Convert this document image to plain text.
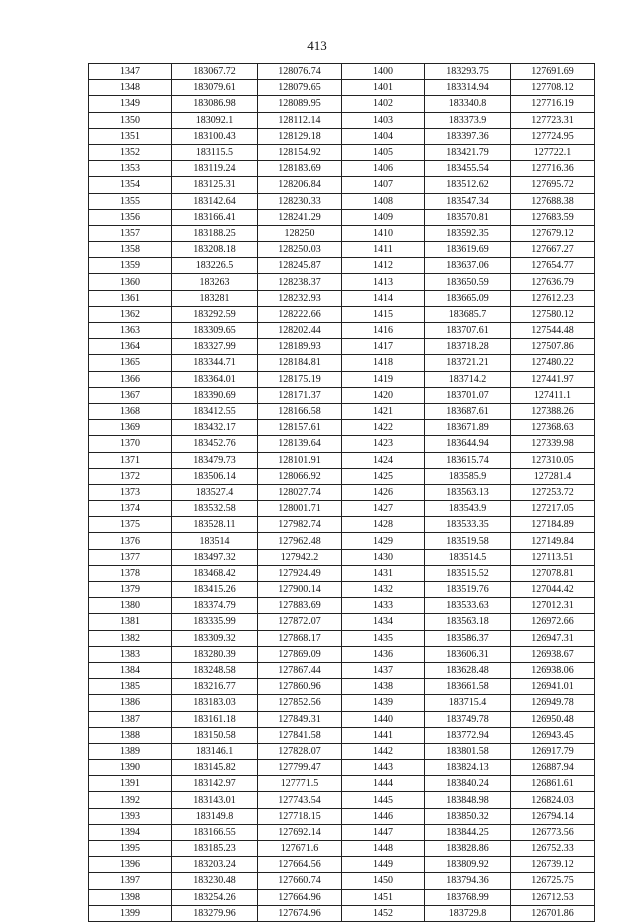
413
1347	183067.72	128076.74	1400	183293.75	127691.69
1348	183079.61	128079.65	1401	183314.94	127708.12
1349	183086.98	128089.95	1402	183340.8	127716.19
1350	183092.1	128112.14	1403	183373.9	127723.31
1351	183100.43	128129.18	1404	183397.36	127724.95
1352	183115.5	128154.92	1405	183421.79	127722.1
1353	183119.24	128183.69	1406	183455.54	127716.36
1354	183125.31	128206.84	1407	183512.62	127695.72
1355	183142.64	128230.33	1408	183547.34	127688.38
1356	183166.41	128241.29	1409	183570.81	127683.59
1357	183188.25	128250	1410	183592.35	127679.12
1358	183208.18	128250.03	1411	183619.69	127667.27
1359	183226.5	128245.87	1412	183637.06	127654.77
1360	183263	128238.37	1413	183650.59	127636.79
1361	183281	128232.93	1414	183665.09	127612.23
1362	183292.59	128222.66	1415	183685.7	127580.12
1363	183309.65	128202.44	1416	183707.61	127544.48
1364	183327.99	128189.93	1417	183718.28	127507.86
1365	183344.71	128184.81	1418	183721.21	127480.22
1366	183364.01	128175.19	1419	183714.2	127441.97
1367	183390.69	128171.37	1420	183701.07	127411.1
1368	183412.55	128166.58	1421	183687.61	127388.26
1369	183432.17	128157.61	1422	183671.89	127368.63
1370	183452.76	128139.64	1423	183644.94	127339.98
1371	183479.73	128101.91	1424	183615.74	127310.05
1372	183506.14	128066.92	1425	183585.9	127281.4
1373	183527.4	128027.74	1426	183563.13	127253.72
1374	183532.58	128001.71	1427	183543.9	127217.05
1375	183528.11	127982.74	1428	183533.35	127184.89
1376	183514	127962.48	1429	183519.58	127149.84
1377	183497.32	127942.2	1430	183514.5	127113.51
1378	183468.42	127924.49	1431	183515.52	127078.81
1379	183415.26	127900.14	1432	183519.76	127044.42
1380	183374.79	127883.69	1433	183533.63	127012.31
1381	183335.99	127872.07	1434	183563.18	126972.66
1382	183309.32	127868.17	1435	183586.37	126947.31
1383	183280.39	127869.09	1436	183606.31	126938.67
1384	183248.58	127867.44	1437	183628.48	126938.06
1385	183216.77	127860.96	1438	183661.58	126941.01
1386	183183.03	127852.56	1439	183715.4	126949.78
1387	183161.18	127849.31	1440	183749.78	126950.48
1388	183150.58	127841.58	1441	183772.94	126943.45
1389	183146.1	127828.07	1442	183801.58	126917.79
1390	183145.82	127799.47	1443	183824.13	126887.94
1391	183142.97	127771.5	1444	183840.24	126861.61
1392	183143.01	127743.54	1445	183848.98	126824.03
1393	183149.8	127718.15	1446	183850.32	126794.14
1394	183166.55	127692.14	1447	183844.25	126773.56
1395	183185.23	127671.6	1448	183828.86	126752.33
1396	183203.24	127664.56	1449	183809.92	126739.12
1397	183230.48	127660.74	1450	183794.36	126725.75
1398	183254.26	127664.96	1451	183768.99	126712.53
1399	183279.96	127674.96	1452	183729.8	126701.86
